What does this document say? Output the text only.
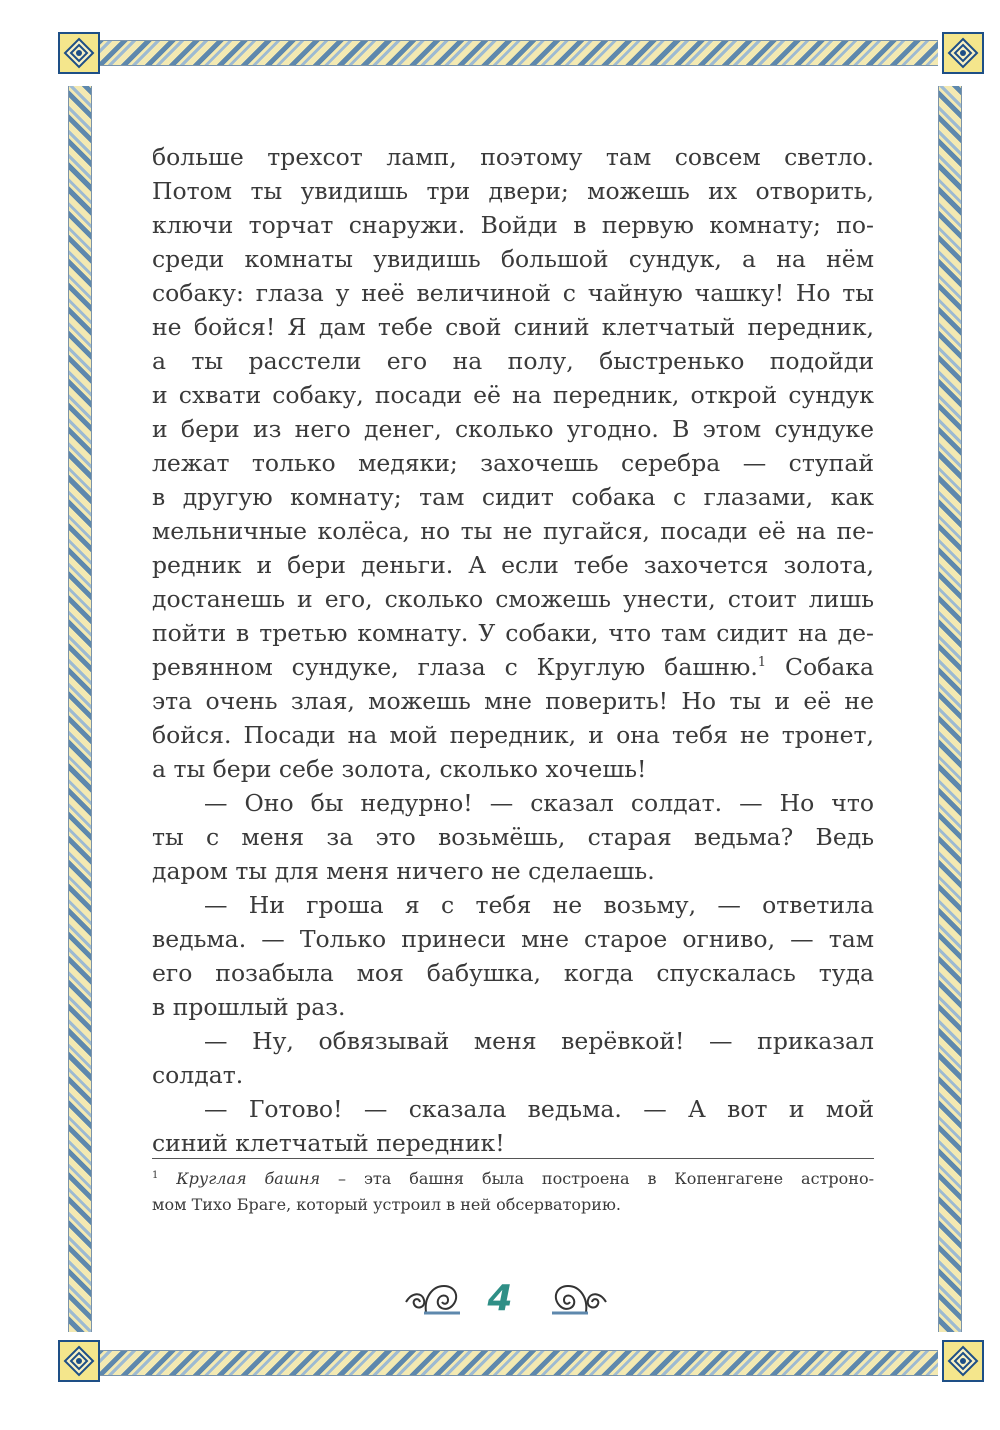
больше трехсот ламп, поэтому там совсем светло.
Потом ты увидишь три двери; можешь их отворить,
ключи торчат снаружи. Войди в первую комнату; по-
среди комнаты увидишь большой сундук, а на нём
собаку: глаза у неё величиной с чайную чашку! Но ты
не бойся! Я дам тебе свой синий клетчатый передник,
а ты расстели его на полу, быстренько подойди
и схвати собаку, посади её на передник, открой сундук
и бери из него денег, сколько угодно. В этом сундуке
лежат только медяки; захочешь серебра — ступай
в другую комнату; там сидит собака с глазами, как
мельничные колёса, но ты не пугайся, посади её на пе-
редник и бери деньги. А если тебе захочется золота,
достанешь и его, сколько сможешь унести, стоит лишь
пойти в третью комнату. У собаки, что там сидит на де-
ревянном сундуке, глаза с Круглую башню.$^1$ Собака
эта очень злая, можешь мне поверить! Но ты и её не
бойся. Посади на мой передник, и она тебя не тронет,
а ты бери себе золота, сколько хочешь!
— Оно бы недурно! — сказал солдат. — Но что
ты с меня за это возьмёшь, старая ведьма? Ведь
даром ты для меня ничего не сделаешь.
— Ни гроша я с тебя не возьму, — ответила
ведьма. — Только принеси мне старое огниво, — там
его позабыла моя бабушка, когда спускалась туда
в прошлый раз.
— Ну, обвязывай меня верёвкой! — приказал
солдат.
— Готово! — сказала ведьма. — А вот и мой
синий клетчатый передник!
$^1$ Круглая башня – эта башня была построена в Копенгагене астроно-
мом Тихо Браге, который устроил в ней обсерваторию.
4
